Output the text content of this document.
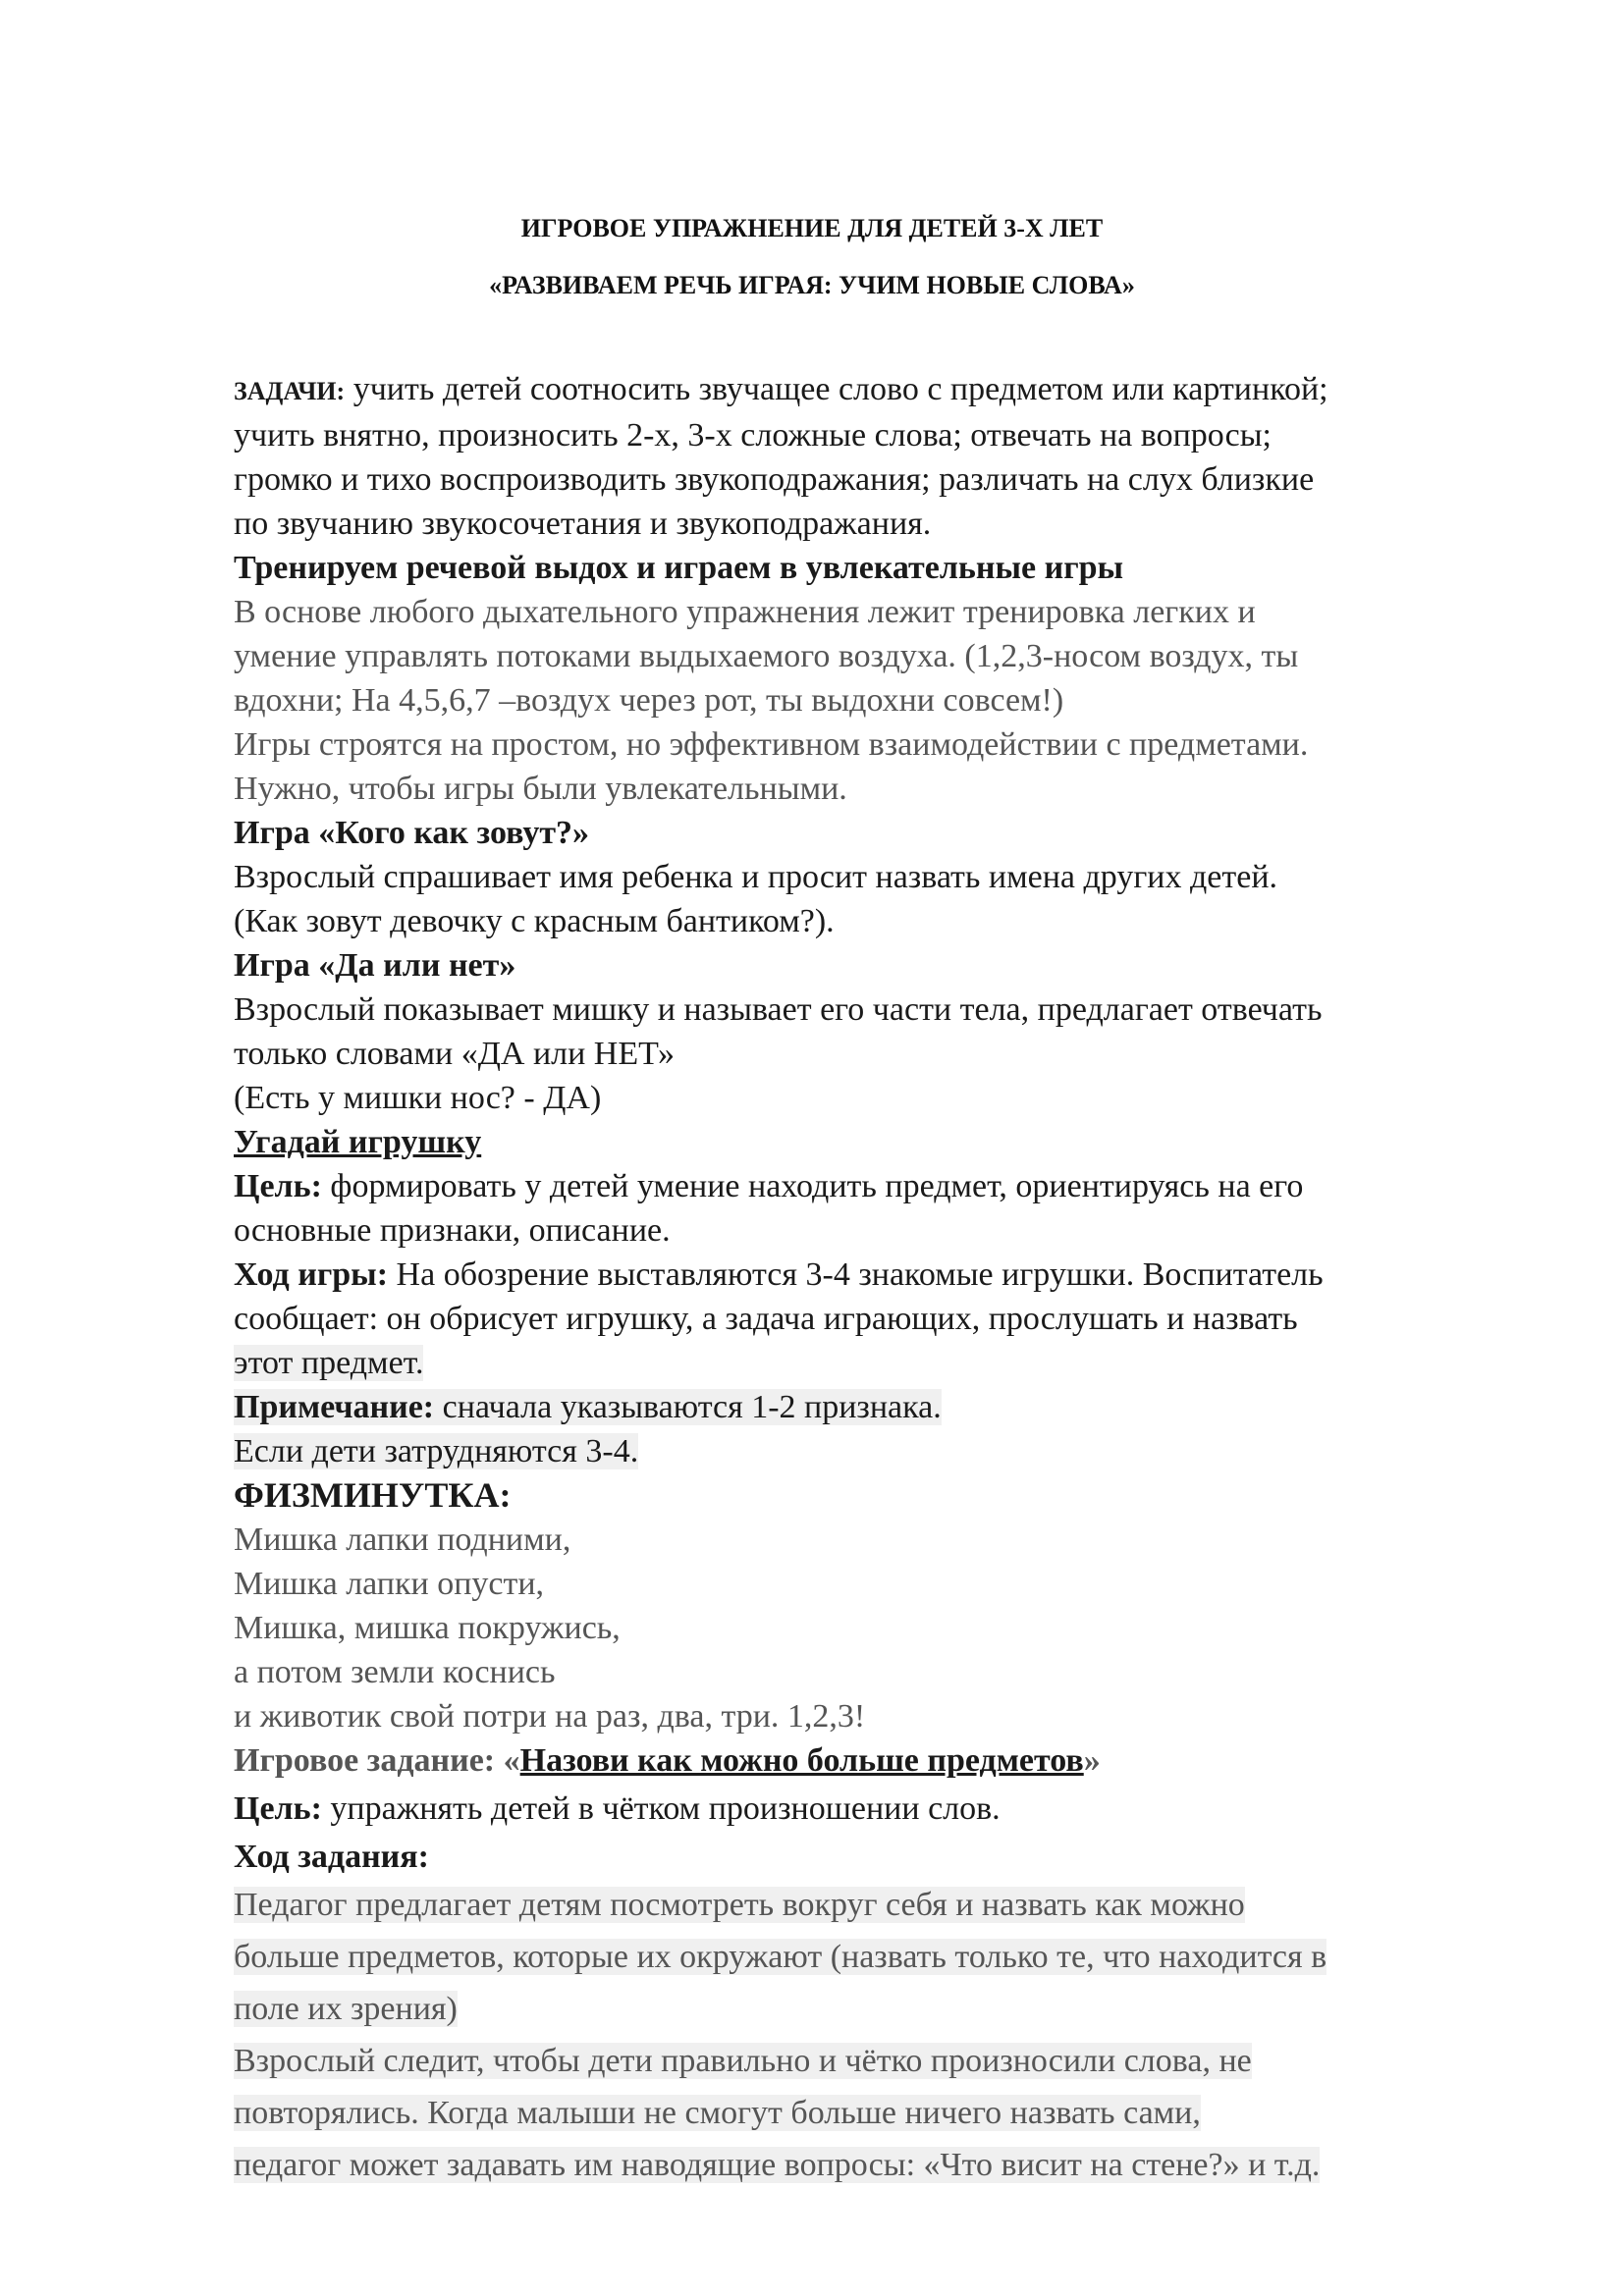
ИГРОВОЕ УПРАЖНЕНИЕ ДЛЯ ДЕТЕЙ 3-Х ЛЕТ
«РАЗВИВАЕМ РЕЧЬ ИГРАЯ: УЧИМ НОВЫЕ СЛОВА»
ЗАДАЧИ: учить детей соотносить звучащее слово с предметом или картинкой;
учить внятно, произносить 2-х, 3-х сложные слова; отвечать на вопросы;
громко и тихо воспроизводить звукоподражания; различать на слух близкие
по звучанию звукосочетания и звукоподражания.
Тренируем речевой выдох и играем в увлекательные игры
В основе любого дыхательного упражнения лежит тренировка легких и
умение управлять потоками выдыхаемого воздуха. (1,2,3-носом воздух, ты
вдохни; На 4,5,6,7 –воздух через рот, ты выдохни совсем!)
Игры строятся на простом, но эффективном взаимодействии с предметами.
Нужно, чтобы игры были увлекательными.
Игра «Кого как зовут?»
Взрослый спрашивает имя ребенка и просит назвать имена других детей.
(Как зовут девочку с красным бантиком?).
Игра «Да или нет»
Взрослый показывает мишку и называет его части тела, предлагает отвечать
только словами «ДА или НЕТ»
(Есть у мишки нос? - ДА)
Угадай игрушку
Цель: формировать у детей умение находить предмет, ориентируясь на его
основные признаки, описание.
Ход игры: На обозрение выставляются 3-4 знакомые игрушки. Воспитатель
сообщает: он обрисует игрушку, а задача играющих, прослушать и назвать
этот предмет.
Примечание: сначала указываются 1-2 признака.
Если дети затрудняются 3-4.
ФИЗМИНУТКА:
Мишка лапки подними,
Мишка лапки опусти,
Мишка, мишка покружись,
а потом земли коснись
и животик свой потри на раз, два, три. 1,2,3!
Игровое задание: «Назови как можно больше предметов»
Цель: упражнять детей в чётком произношении слов.
Ход задания:
Педагог предлагает детям посмотреть вокруг себя и назвать как можно
больше предметов, которые их окружают (назвать только те, что находится в
поле их зрения)
Взрослый следит, чтобы дети правильно и чётко произносили слова, не
повторялись. Когда малыши не смогут больше ничего назвать сами,
педагог может задавать им наводящие вопросы: «Что висит на стене?» и т.д.
